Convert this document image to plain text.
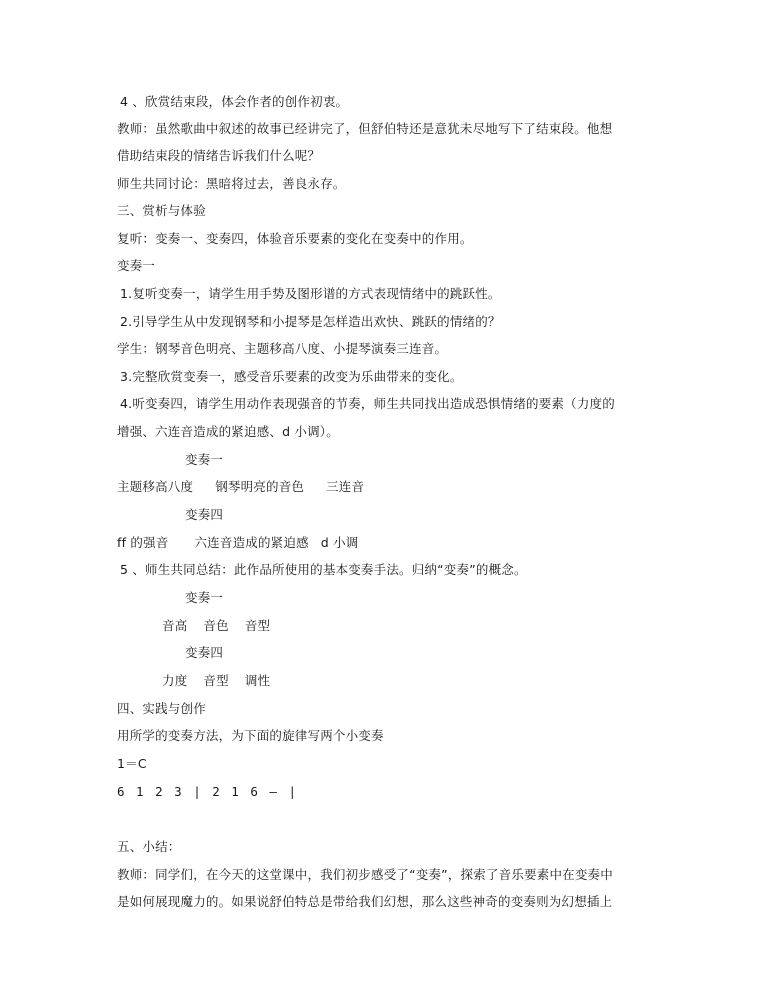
4 、欣赏结束段，体会作者的创作初衷。
教师：虽然歌曲中叙述的故事已经讲完了，但舒伯特还是意犹未尽地写下了结束段。他想
借助结束段的情绪告诉我们什么呢？
师生共同讨论：黑暗将过去，善良永存。
三、赏析与体验
复听：变奏一、变奏四，体验音乐要素的变化在变奏中的作用。
变奏一
1.复听变奏一，请学生用手势及图形谱的方式表现情绪中的跳跃性。
2.引导学生从中发现钢琴和小提琴是怎样造出欢快、跳跃的情绪的？
学生：钢琴音色明亮、主题移高八度、小提琴演奏三连音。
3.完整欣赏变奏一，感受音乐要素的改变为乐曲带来的变化。
4.听变奏四，请学生用动作表现强音的节奏，师生共同找出造成恐惧情绪的要素（力度的
增强、六连音造成的紧迫感、d 小调）。
变奏一
主题移高八度 钢琴明亮的音色 三连音
变奏四
ff 的强音 六连音造成的紧迫感 d 小调
5 、师生共同总结：此作品所使用的基本变奏手法。归纳“变奏”的概念。
变奏一
音高 音色 音型
变奏四
力度 音型 调性
四、实践与创作
用所学的变奏方法，为下面的旋律写两个小变奏
1＝C
6 1 2 3 | 2 1 6 — |
五、小结：
教师：同学们，在今天的这堂课中，我们初步感受了“变奏”，探索了音乐要素中在变奏中
是如何展现魔力的。如果说舒伯特总是带给我们幻想，那么这些神奇的变奏则为幻想插上
